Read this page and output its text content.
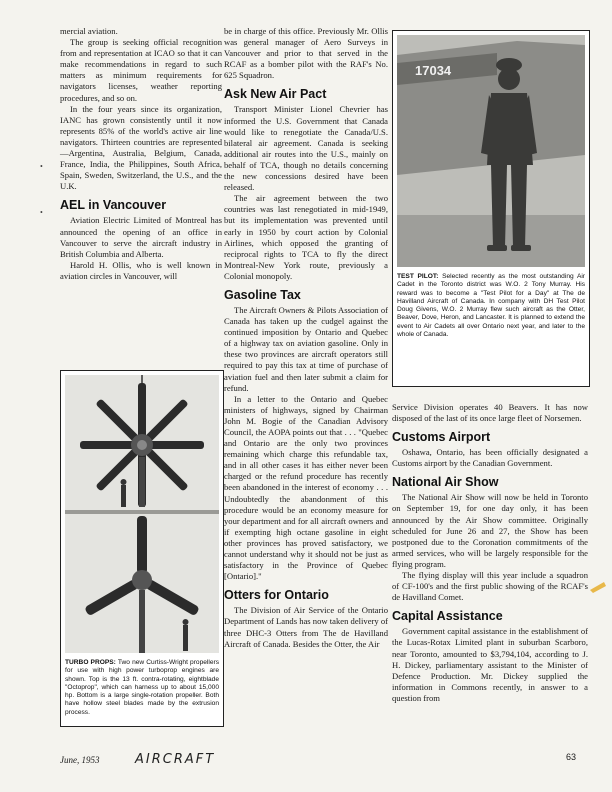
mercial aviation.

The group is seeking official recognition from and representation at ICAO so that it can make recommendations in regard to such matters as minimum requirements for navigators licenses, weather reporting procedures, and so on.

In the four years since its organization, IANC has grown consistently until it now represents 85% of the world's active air line navigators. Thirteen countries are represented—Argentina, Australia, Belgium, Canada, France, India, the Philippines, South Africa, Spain, Sweden, Switzerland, the U.S., and the U.K.

AEL in Vancouver

Aviation Electric Limited of Montreal has announced the opening of an office in Vancouver to serve the aircraft industry in British Columbia and Alberta.

Harold H. Ollis, who is well known in aviation circles in Vancouver, will

TURBO PROPS: Two new Curtiss-Wright propellers for use with high power turboprop engines are shown. Top is the 13 ft. contra-rotating, eightblade "Octoprop", which can harness up to about 15,000 hp. Bottom is a large single-rotation propeller. Both have hollow steel blades made by the extrusion process.

be in charge of this office. Previously Mr. Ollis was general manager of Aero Surveys in Vancouver and prior to that served in the RCAF as a bomber pilot with the RAF's No. 625 Squadron.

Ask New Air Pact

Transport Minister Lionel Chevrier has informed the U.S. Government that Canada would like to renegotiate the Canada/U.S. bilateral air agreement. Canada is seeking additional air routes into the U.S., mainly on behalf of TCA, though no details concerning the new concessions desired have been released.

The air agreement between the two countries was last renegotiated in mid-1949, but its implementation was prevented until early in 1950 by court action by Colonial Airlines, which opposed the granting of reciprocal rights to TCA to fly the direct Montreal-New York route, previously a Colonial monopoly.

Gasoline Tax

The Aircraft Owners & Pilots Association of Canada has taken up the cudgel against the continued imposition by Ontario and Quebec of a highway tax on aviation gasoline. Only in these two provinces are aircraft operators still required to pay this tax at time of purchase of aviation fuel and then later submit a claim for refund.

In a letter to the Ontario and Quebec ministers of highways, signed by Chairman John M. Bogie of the Canadian Advisory Council, the AOPA points out that . . . "Quebec and Ontario are the only two provinces remaining which charge this refundable tax, and in all other cases it has either never been charged or the refund procedure has recently been abandoned in the interest of economy . . . Undoubtedly the abandonment of this procedure would be an economy measure for your department and for all aircraft owners and if exempting high octane gasoline in eight other provinces has proved satisfactory, we cannot understand why it should not be just as satisfactory in the Province of Quebec [Ontario]."

Otters for Ontario

The Division of Air Service of the Ontario Department of Lands has now taken delivery of three DHC-3 Otters from The de Havilland Aircraft of Canada. Besides the Otter, the Air

17034
TEST PILOT: Selected recently as the most outstanding Air Cadet in the Toronto district was W.O. 2 Tony Murray. His reward was to become a "Test Pilot for a Day" at The de Havilland Aircraft of Canada. In company with DH Test Pilot Doug Givens, W.O. 2 Murray flew such aircraft as the Otter, Beaver, Dove, Heron, and Lancaster. It is planned to extend the event to Air Cadets all over Ontario next year, and later to the whole of Canada.

Service Division operates 40 Beavers. It has now disposed of the last of its once large fleet of Norsemen.

Customs Airport

Oshawa, Ontario, has been officially designated a Customs airport by the Canadian Government.

National Air Show

The National Air Show will now be held in Toronto on September 19, for one day only, it has been announced by the Air Show committee. Originally scheduled for June 26 and 27, the Show has been postponed due to the Coronation commitments of the armed services, who will be largely responsible for the flying program.

The flying display will this year include a squadron of CF-100's and the first public showing of the RCAF's de Havilland Comet.

Capital Assistance

Government capital assistance in the establishment of the Lucas-Rotax Limited plant in suburban Scarboro, near Toronto, amounted to $3,794,104, according to J. H. Dickey, parliamentary assistant to the Minister of Defence Production. Mr. Dickey supplied the information in Commons recently, in answer to a question from

•
•
June, 1953	AIRCRAFT	63
